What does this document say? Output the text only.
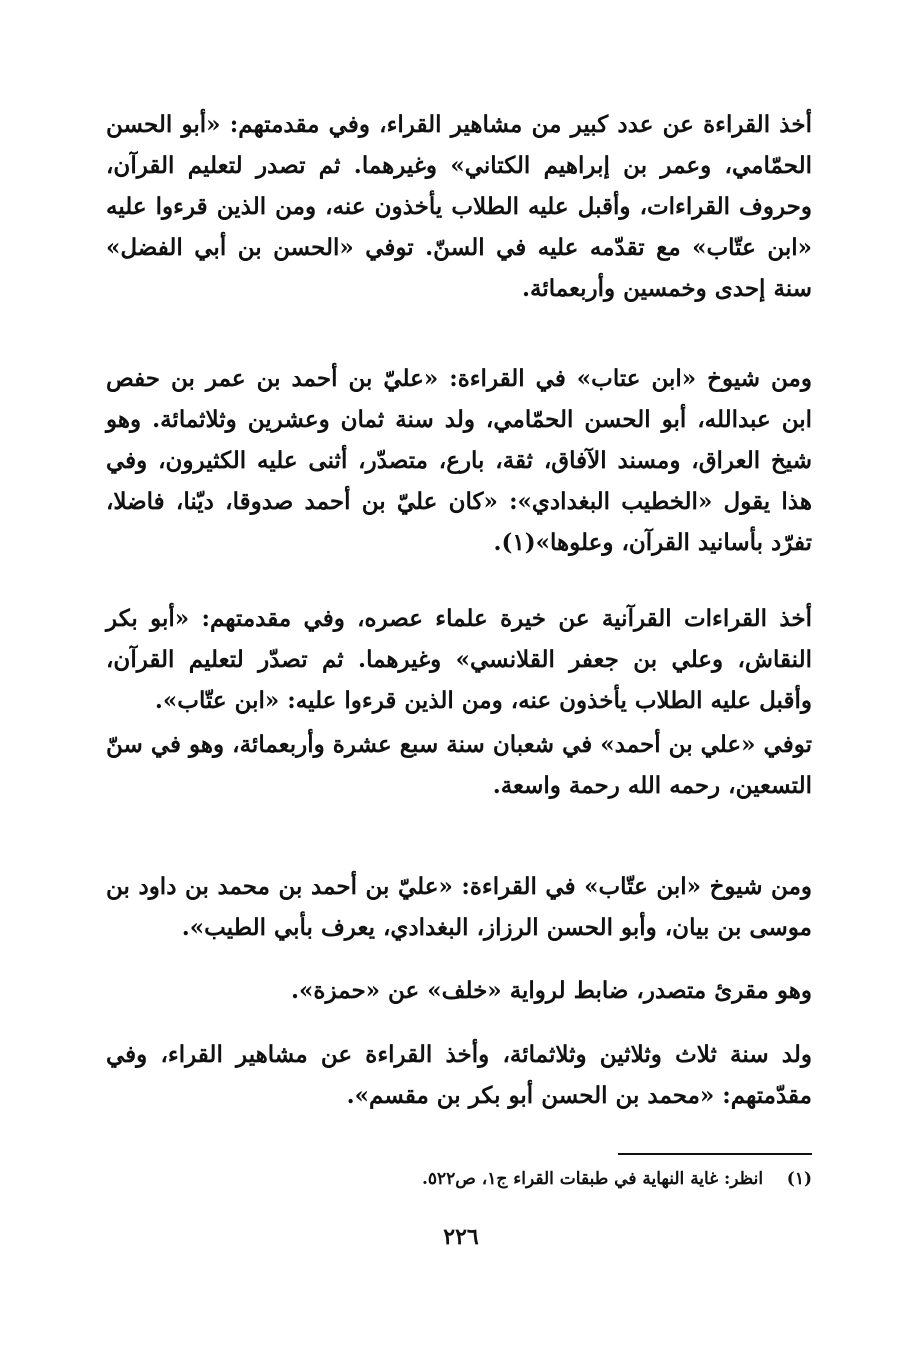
أخذ القراءة عن عدد كبير من مشاهير القراء، وفي مقدمتهم: «أبو الحسن الحمّامي، وعمر بن إبراهيم الكتاني» وغيرهما. ثم تصدر لتعليم القرآن، وحروف القراءات، وأقبل عليه الطلاب يأخذون عنه، ومن الذين قرءوا عليه «ابن عتّاب» مع تقدّمه عليه في السنّ. توفي «الحسن بن أبي الفضل» سنة إحدى وخمسين وأربعمائة.

ومن شيوخ «ابن عتاب» في القراءة: «عليّ بن أحمد بن عمر بن حفص ابن عبدالله، أبو الحسن الحمّامي، ولد سنة ثمان وعشرين وثلاثمائة. وهو شيخ العراق، ومسند الآفاق، ثقة، بارع، متصدّر، أثنى عليه الكثيرون، وفي هذا يقول «الخطيب البغدادي»: «كان عليّ بن أحمد صدوقا، ديّنا، فاضلا، تفرّد بأسانيد القرآن، وعلوها»(١).

أخذ القراءات القرآنية عن خيرة علماء عصره، وفي مقدمتهم: «أبو بكر النقاش، وعلي بن جعفر القلانسي» وغيرهما. ثم تصدّر لتعليم القرآن، وأقبل عليه الطلاب يأخذون عنه، ومن الذين قرءوا عليه: «ابن عتّاب».

توفي «علي بن أحمد» في شعبان سنة سبع عشرة وأربعمائة، وهو في سنّ التسعين، رحمه الله رحمة واسعة.

ومن شيوخ «ابن عتّاب» في القراءة: «عليّ بن أحمد بن محمد بن داود بن موسى بن بيان، وأبو الحسن الرزاز، البغدادي، يعرف بأبي الطيب».

وهو مقرئ متصدر، ضابط لرواية «خلف» عن «حمزة».

ولد سنة ثلاث وثلاثين وثلاثمائة، وأخذ القراءة عن مشاهير القراء، وفي مقدّمتهم: «محمد بن الحسن أبو بكر بن مقسم».

(١)    انظر: غاية النهاية في طبقات القراء ج١، ص٥٢٢.

٢٢٦
